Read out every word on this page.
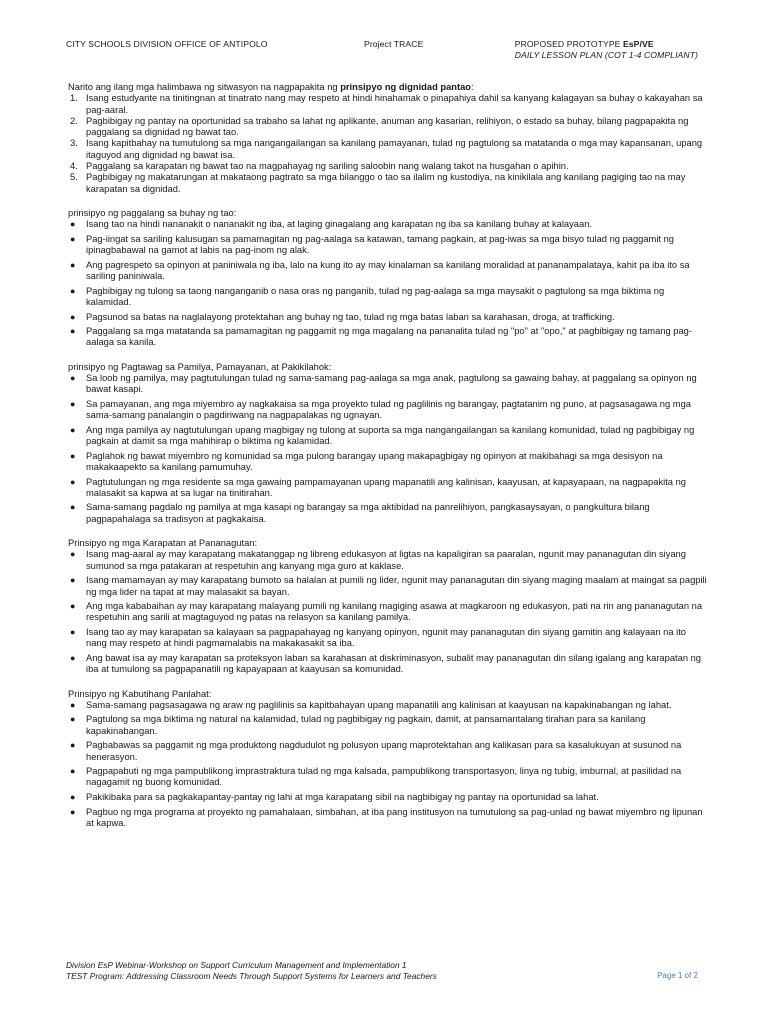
CITY SCHOOLS DIVISION OFFICE OF ANTIPOLO	Project TRACE	PROPOSED PROTOTYPE EsP/VE
DAILY LESSON PLAN (COT 1-4 COMPLIANT)

Narito ang ilang mga halimbawa ng sitwasyon na nagpapakita ng prinsipyo ng dignidad pantao:

1. Isang estudyante na tinitingnan at tinatrato nang may respeto at hindi hinahamak o pinapahiya dahil sa kanyang kalagayan sa buhay o kakayahan sa pag-aaral.
2. Pagbibigay ng pantay na oportunidad sa trabaho sa lahat ng aplikante, anuman ang kasarian, relihiyon, o estado sa buhay, bilang pagpapakita ng paggalang sa dignidad ng bawat tao.
3. Isang kapitbahay na tumutulong sa mga nangangailangan sa kanilang pamayanan, tulad ng pagtulong sa matatanda o mga may kapansanan, upang itaguyod ang dignidad ng bawat isa.
4. Paggalang sa karapatan ng bawat tao na magpahayag ng sariling saloobin nang walang takot na husgahan o apihin.
5. Pagbibigay ng makatarungan at makataong pagtrato sa mga bilanggo o tao sa ilalim ng kustodiya, na kinikilala ang kanilang pagiging tao na may karapatan sa dignidad.

prinsipyo ng paggalang sa buhay ng tao:

● Isang tao na hindi nananakit o nananakit ng iba, at laging ginagalang ang karapatan ng iba sa kanilang buhay at kalayaan.
● Pag-iingat sa sariling kalusugan sa pamamagitan ng pag-aalaga sa katawan, tamang pagkain, at pag-iwas sa mga bisyo tulad ng paggamit ng ipinagbabawal na gamot at labis na pag-inom ng alak.
● Ang pagrespeto sa opinyon at paniniwala ng iba, lalo na kung ito ay may kinalaman sa kanilang moralidad at pananampalataya, kahit pa iba ito sa sariling paniniwala.
● Pagbibigay ng tulong sa taong nanganganib o nasa oras ng panganib, tulad ng pag-aalaga sa mga maysakit o pagtulong sa mga biktima ng kalamidad.
● Pagsunod sa batas na naglalayong protektahan ang buhay ng tao, tulad ng mga batas laban sa karahasan, droga, at trafficking.
● Paggalang sa mga matatanda sa pamamagitan ng paggamit ng mga magalang na pananalita tulad ng "po" at "opo," at pagbibigay ng tamang pag-aalaga sa kanila.

prinsipyo ng Pagtawag sa Pamilya, Pamayanan, at Pakikilahok:

● Sa loob ng pamilya, may pagtutulungan tulad ng sama-samang pag-aalaga sa mga anak, pagtulong sa gawaing bahay, at paggalang sa opinyon ng bawat kasapi.
● Sa pamayanan, ang mga miyembro ay nagkakaisa sa mga proyekto tulad ng paglilinis ng barangay, pagtatanim ng puno, at pagsasagawa ng mga sama-samang panalangin o pagdiriwang na nagpapalakas ng ugnayan.
● Ang mga pamilya ay nagtutulungan upang magbigay ng tulong at suporta sa mga nangangailangan sa kanilang komunidad, tulad ng pagbibigay ng pagkain at damit sa mga mahihirap o biktima ng kalamidad.
● Paglahok ng bawat miyembro ng komunidad sa mga pulong barangay upang makapagbigay ng opinyon at makibahagi sa mga desisyon na makakaapekto sa kanilang pamumuhay.
● Pagtutulungan ng mga residente sa mga gawaing pampamayanan upang mapanatili ang kalinisan, kaayusan, at kapayapaan, na nagpapakita ng malasakit sa kapwa at sa lugar na tinitirahan.
● Sama-samang pagdalo ng pamilya at mga kasapi ng barangay sa mga aktibidad na panrelihiyon, pangkasaysayan, o pangkultura bilang pagpapahalaga sa tradisyon at pagkakaisa.

Prinsipyo ng mga Karapatan at Pananagutan:

● Isang mag-aaral ay may karapatang makatanggap ng libreng edukasyon at ligtas na kapaligiran sa paaralan, ngunit may pananagutan din siyang sumunod sa mga patakaran at respetuhin ang kanyang mga guro at kaklase.
● Isang mamamayan ay may karapatang bumoto sa halalan at pumili ng lider, ngunit may pananagutan din siyang maging maalam at maingat sa pagpili ng mga lider na tapat at may malasakit sa bayan.
● Ang mga kababaihan ay may karapatang malayang pumili ng kanilang magiging asawa at magkaroon ng edukasyon, pati na rin ang pananagutan na respetuhin ang sarili at magtaguyod ng patas na relasyon sa kanilang pamilya.
● Isang tao ay may karapatan sa kalayaan sa pagpapahayag ng kanyang opinyon, ngunit may pananagutan din siyang gamitin ang kalayaan na ito nang may respeto at hindi pagmamalabis na makakasakit sa iba.
● Ang bawat isa ay may karapatan sa proteksyon laban sa karahasan at diskriminasyon, subalit may pananagutan din silang igalang ang karapatan ng iba at tumulong sa pagpapanatili ng kapayapaan at kaayusan sa komunidad.

Prinsipyo ng Kabutihang Panlahat:

● Sama-samang pagsasagawa ng araw ng paglilinis sa kapitbahayan upang mapanatili ang kalinisan at kaayusan na kapakinabangan ng lahat.
● Pagtulong sa mga biktima ng natural na kalamidad, tulad ng pagbibigay ng pagkain, damit, at pansamantalang tirahan para sa kanilang kapakinabangan.
● Pagbabawas sa paggamit ng mga produktong nagdudulot ng polusyon upang maprotektahan ang kalikasan para sa kasalukuyan at susunod na henerasyon.
● Pagpapabuti ng mga pampublikong imprastraktura tulad ng mga kalsada, pampublikong transportasyon, linya ng tubig, imburnal, at pasilidad na nagagamit ng buong komunidad.
● Pakikibaka para sa pagkakapantay-pantay ng lahi at mga karapatang sibil na nagbibigay ng pantay na oportunidad sa lahat.
● Pagbuo ng mga programa at proyekto ng pamahalaan, simbahan, at iba pang institusyon na tumutulong sa pag-unlad ng bawat miyembro ng lipunan at kapwa.
Division EsP Webinar-Workshop on Support Curriculum Management and Implementation 1
TEST Program: Addressing Classroom Needs Through Support Systems for Learners and Teachers	Page 1 of 2
